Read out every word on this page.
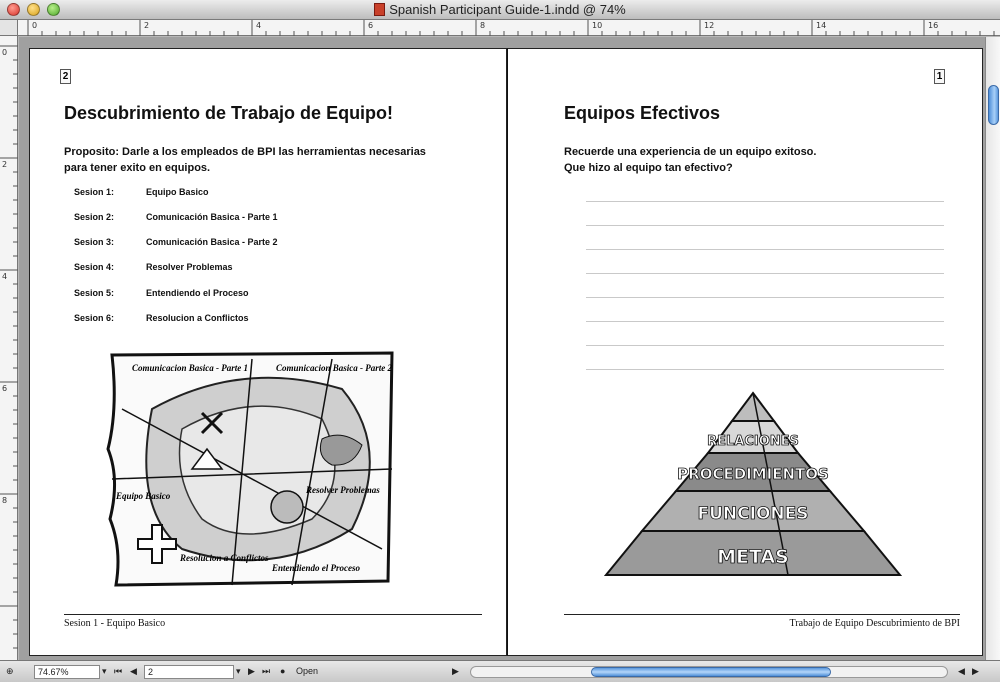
Spanish Participant Guide-1.indd @ 74%
0	2	4	6	8	10	12	14	16
0
2
4
6
8
2
Descubrimiento de Trabajo de Equipo!
Proposito: Darle a los empleados de BPI las herramientas necesarias para tener exito en equipos.
Sesion 1:	Equipo Basico
Sesion 2:	Comunicación Basica - Parte 1
Sesion 3:	Comunicación Basica - Parte 2
Sesion 4:	Resolver Problemas
Sesion 5:	Entendiendo el Proceso
Sesion 6:	Resolucion a Conflictos
Comunicacion Basica - Parte 1	Comunicacion Basica - Parte 2
Equipo Basico
Resolver Problemas
Resolucion a Conflictos
Entendiendo el Proceso
Sesion 1 - Equipo Basico
1
Equipos Efectivos
Recuerde una experiencia de un equipo exitoso.
Que hizo al equipo tan efectivo?
RELACIONES
PROCEDIMIENTOS
FUNCIONES
METAS
Trabajo de Equipo Descubrimiento de BPI
⊕	74.67%	▾ ⏮ ◀	2	▾ ▶ ⏭ ● Open	▶	◀ ▶
